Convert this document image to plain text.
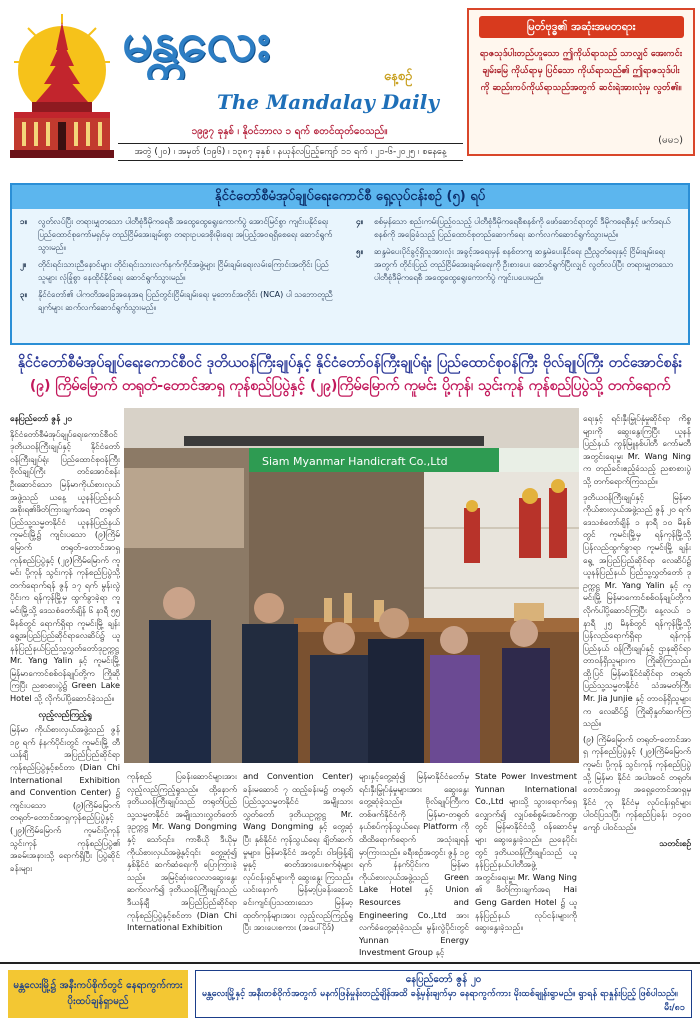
မန္တလေး
နေ့စဉ်
The Mandalay Daily
၁၉၉၇ ခုနှစ် ၊ နိုဝင်ဘာလ ၁ ရက် စတင်ထုတ်ဝေသည်။
မြတ်ဗုဒ္ဓ၏ အဆုံးအမတရား
ရာဇသုဒ်ပါးတည်ဟူသော ဤကိုယ်ရာသည် သာလျှင် အေးကင်းချမ်းမြေ ကိုယ်ရာမှ ပြင်သော ကိုယ်ရာသည်၏ ဤရာဇသုဒ်ပါးကို ဆည်းကပ်ကိုယ်ရာသည်အတွက် ဆင်းရဲအားလုံးမှ လွတ်၏။
(မမ၁)
အတွဲ (၂၀) ၊ အမှတ် (၁၉၆) ၊ ၁၃၈၇ ခုနှစ် ၊ နယုန်လပြည့်ကျော် ၁၁ ရက် ၊ ၂၁-၆-၂၀၂၅ ၊ စနေနေ့
နိုင်ငံတော်စီမံအုပ်ချုပ်ရေးကောင်စီ ရှေ့လုပ်ငန်းစဉ် (၅) ရပ်
၁။	လွတ်လပ်ပြီး တရားမျှတသော ပါတီစုံဒီမိုကရေစီ အထွေထွေရွေးကောက်ပွဲ အောင်မြင်စွာ ကျင်းပနိုင်ရေး ပြည်ထောင်စုကော်မရှင်မှ တည်ငြိမ်အေးချမ်းစွာ တရားဥပဒေစိုးမိုးရေး အပြည့်အဝရရှိစေရေး ဆောင်ရွက်သွားမည်။
၂။	တိုင်းရင်းသားညီနောင်များ တိုင်းရင်းသားလက်နက်ကိုင်အဖွဲ့များ ငြိမ်းချမ်းရေးလမ်းကြောင်းအတိုင်း ပြည်သူများ လုံခြုံစွာ နေထိုင်နိုင်ရေး ဆောင်ရွက်သွားမည်။
၃။	နိုင်ငံတော်၏ ပါကတိအခြေအနေအရ ပြည်တွင်းငြိမ်းချမ်းရေး မူဘောင်အတိုင်း (NCA) ပါ သဘောတူညီချက်များ ဆက်လက်ဆောင်ရွက်သွားမည်။
၄။	စစ်မှန်သော စည်းကမ်းပြည့်ဝသည့် ပါတီစုံဒီမိုကရေစီစနစ်ကို ဖော်ဆောင်ရာတွင် ဒီမိုကရေစီနှင့် ဖက်ဒရယ်စနစ်ကို အခြေခံသည့် ပြည်ထောင်စုတည်ဆောက်ရေး ဆက်လက်ဆောင်ရွက်သွားမည်။
၅။	ဆန္ဒမဲပေးပိုင်ခွင့်ရှိသူအားလုံး အခွင့်အရေးမှန် စနစ်တကျ ဆန္ဒမဲပေးနိုင်ရေး ညီညွတ်ရေးနှင့် ငြိမ်းချမ်းရေးအတွက် တိုင်းပြည် တည်ငြိမ်အေးချမ်းရေးကို ဦးစားပေး ဆောင်ရွက်ပြီးလျှင် လွတ်လပ်ပြီး တရားမျှတသော ပါတီစုံဒီမိုကရေစီ အထွေထွေရွေးကောက်ပွဲ ကျင်းပပေးမည်။
နိုင်ငံတော်စီမံအုပ်ချုပ်ရေးကောင်စီဝင် ဒုတိယဝန်ကြီးချုပ်နှင့် နိုင်ငံတော်ဝန်ကြီးချုပ်ရုံး ပြည်ထောင်စုဝန်ကြီး ဗိုလ်ချုပ်ကြီး တင်အောင်စန်း
(၉) ကြိမ်မြောက် တရုတ်-တောင်အာရှ ကုန်စည်ပြပွဲနှင့် (၂၉)ကြိမ်မြောက် ကူမင်း ပို့ကုန်၊ သွင်းကုန် ကုန်စည်ပြပွဲသို့ တက်ရောက်

နေပြည်တော် ဇွန် ၂၀

နိုင်ငံတော်စီမံအုပ်ချုပ်ရေးကောင်စီဝင် ဒုတိယဝန်ကြီးချုပ်နှင့် နိုင်ငံတော်ဝန်ကြီးချုပ်ရုံး ပြည်ထောင်စုဝန်ကြီး ဗိုလ်ချုပ်ကြီး တင်အောင်စန်း ဦးဆောင်သော မြန်မာကိုယ်စားလှယ်အဖွဲ့သည် ယနေ့ ယူနန်ပြည်နယ်အစိုးရ၏ဖိတ်ကြားချက်အရ တရုတ်ပြည်သူ့သမ္မတနိုင်ငံ ယူနန်ပြည်နယ် ကူမင်းမြို့၌ ကျင်းပသော (၉)ကြိမ်မြောက် တရုတ်-တောင်အာရှကုန်စည်ပြပွဲနှင့် (၂၉)ကြိမ်မြောက် ကူမင်း ပို့ကုန် သွင်းကုန် ကုန်စည်ပြပွဲသို့ တက်ရောက်ရန် ဇွန် ၁၇ ရက် မွန်းလွဲပိုင်းက ရန်ကုန်မြို့မှ ထွက်ခွာခဲ့ရာ ကူမင်းမြို့သို့ ဒေသစံတော်ချိန် ၆ နာရီ ၅၅ မိနစ်တွင် ရောက်ရှိရာ ကူမင်းမြို့ ချန်းရွေ့အပြည်ပြည်ဆိုင်ရာလေဆိပ်၌ ယူနန်ပြည်နယ်ပြည်သူ့လွှတ်တော်ဒုဥက္ကဋ္ဌ Mr. Yang Yalin နှင့် ကူမင်းမြို့ မြန်မာကောင်စစ်ဝန်ချုပ်တို့က ကြိုဆိုကြပြီး ညစာစားပွဲ၌ Green Lake Hotel သို့ လိုက်ပါပို့ဆောင်ခဲ့သည်။

လှည့်လည်ကြည့်ရှု

မြန်မာ ကိုယ်စားလှယ်အဖွဲ့သည် ဇွန် ၁၉ ရက် နံနက်ပိုင်းတွင် ကူမင်းမြို့ တီယန်ချီ အပြည်ပြည်ဆိုင်ရာကုန်စည်ပြပွဲနှင့်စင်တာ (Dian Chi International Exhibition and Convention Center) ၌ ကျင်းပသော (၉)ကြိမ်မြောက် တရုတ်-တောင်အာရှကုန်စည်ပြပွဲနှင့် (၂၉)ကြိမ်မြောက် ကူမင်းပို့ကုန် သွင်းကုန် ကုန်စည်ပြပွဲ၏ အခမ်းအနားသို့ ရောက်ရှိပြီး ပြပွဲဆိုင်ခန်းများ

Siam Myanmar Handicraft Co.,Ltd

ကုန်စည် ပြခန်းဆောင်များအား လှည့်လည်ကြည့်ရှုသည်။ ထို့နောက် ဒုတိယဝန်ကြီးချုပ်သည် တရုတ်ပြည်သူ့သမ္မတနိုင်ငံ အမျိုးသားလွှတ်တော် ဒုဥက္ကဋ္ဌ Mr. Wang Dongming နှင့် သော်၎င်း၊ ကာစီယို ဒီယိုမှ ကိုယ်စားလှယ်အဖွဲ့နှင့်၎င်း တွေ့ဆုံ၍ နှစ်နိုင်ငံ ဆက်ဆံရေးကို ပြောကြားခဲ့သည်။ အမြင့်ဆုံးလေလာဆွေးနွေး ဆက်လက်၍ ဒုတိယဝန်ကြီးချုပ်သည် ဒီယန်ချီ အပြည်ပြည်ဆိုင်ရာကုန်စည်ပြပွဲနှင့်စင်တာ (Dian Chi International Exhibition

and Convention Center) ခန်းမဆောင် ၇ ထည့်ခန်းမ၌ တရုတ်ပြည်သူ့သမ္မတနိုင်ငံ အမျိုးသားလွှတ်တော် ဒုတိယဥက္ကဋ္ဌ Mr. Wang Dongming နှင့် တွေ့ဆုံပြီး နှစ်နိုင်ငံ ကုန်သွယ်ရေး ချိတ်ဆက်မှုများ၊ မြန်မာနိုင်ငံ အတွင်း ဝါဒဖြန့်ချိမှုနှင့် ဓာတ်အားပေးစက်ရုံများ လုပ်ငန်းရှင်များကို ဆွေးနွေး ကြသည်။ ယင်းနောက် မြန်မာ့ပြခန်းဆောင် ခင်းကျင်းပြသထားသော မြန်မာ့ထုတ်ကုန်များအား လှည့်လည်ကြည့်ရှုပြီး အားပေးစကား (အပေါ်ပိုဒ်)

များနှင့်တွေ့ဆုံ၍ မြန်မာနိုင်ငံတော်မှ ရင်းနှီးမြှုပ်နှံမှုများအား ဆွေးနွေးတွေ့ဆုံခဲ့သည်။ ဗိုလ်ချုပ်ကြီးက တစ်ဖက်နိုင်ငံကို မြန်မာ-တရုတ် နယ်စပ်ကုန်သွယ်ရေး Platform ကို ထိထိရောက်ရောက် အသုံးချရန် မှာကြားသည်။ ခရီးစဉ်အတွင်း ဇွန် ၁၉ ရက် နံနက်ပိုင်းက မြန်မာကိုယ်စားလှယ်အဖွဲ့သည် Green Lake Hotel နှင့် Union Resources and Engineering Co.,Ltd အား လက်ခံတွေ့ဆုံခဲ့သည်။ မွန်းလွဲပိုင်းတွင် Yunnan Energy Investment Group နှင့်

State Power Investment Yunnan International Co.,Ltd များသို့ သွားရောက်ရှေ့လျှောက်၍ လျှပ်စစ်စွမ်းအင်ကဏ္ဍတွင် မြန်မာနိုင်ငံသို့ ဝန်ဆောင်မှုများ ဆွေးနွေးခဲ့သည်။ ညနေပိုင်းတွင် ဒုတိယဝန်ကြီးချုပ်သည် ယူနန်ပြည်နယ်ပါတီအဖွဲ့ အတွင်းရေးမှူး Mr. Wang Ning ၏ ဖိတ်ကြားချက်အရ Hai Geng Garden Hotel ၌ ယူနန်ပြည်နယ် လုပ်ငန်းများကို ဆွေးနွေးခဲ့သည်။

ရေးနှင့် ရင်းနှီးမြှုပ်နှံမှုဆိုင်ရာ ကိစ္စများကို ဆွေးနွေးကြပြီး ယူနန်ပြည်နယ် ကွန်မြူနစ်ပါတီ ကော်မတီအတွင်းရေးမှူး Mr. Wang Ning က တည်ခင်းဧည့်ခံသည့် ညစာစားပွဲသို့ တက်ရောက်ကြသည်။

ဒုတိယဝန်ကြီးချုပ်နှင့် မြန်မာကိုယ်စားလှယ်အဖွဲ့သည် ဇွန် ၂၀ ရက် ဒေသစံတော်ချိန် ၁ နာရီ ၁၀ မိနစ်တွင် ကူမင်းမြို့မှ ရန်ကုန်မြို့သို့ ပြန်လည်ထွက်ခွာရာ ကူမင်းမြို့ ချန်းရွေ့ အပြည်ပြည်ဆိုင်ရာ လေဆိပ်၌ ယူနန်ပြည်နယ် ပြည်သူ့လွှတ်တော် ဒုဥက္ကဋ္ဌ Mr. Yang Yalin နှင့် ကူမင်းမြို့ မြန်မာကောင်စစ်ဝန်ချုပ်တို့က လိုက်ပါပို့ဆောင်ကြပြီး နေ့လယ် ၁ နာရီ ၂၅ မိနစ်တွင် ရန်ကုန်မြို့သို့ ပြန်လည်ရောက်ရှိရာ ရန်ကုန်ပြည်နယ် ဝန်ကြီးချုပ်နှင့် ဌာနဆိုင်ရာ တာဝန်ရှိသူများက ကြိုဆိုကြသည်။ ထို့ပြင် မြန်မာနိုင်ငံဆိုင်ရာ တရုတ်ပြည်သူ့သမ္မတနိုင်ငံ သံအမတ်ကြီး Mr. Jia Junjie နှင့် တာဝန်ရှိသူများက လေဆိပ်၌ ကြိုဆိုနှုတ်ဆက်ကြသည်။

(၉) ကြိမ်မြောက် တရုတ်-တောင်အာရှ ကုန်စည်ပြပွဲနှင့် (၂၉)ကြိမ်မြောက် ကူမင်း ပို့ကုန် သွင်းကုန် ကုန်စည်ပြပွဲသို့ မြန်မာ နိုင်ငံ အပါအဝင် တရုတ်၊ တောင်အာရှ၊ အရှေ့တောင်အာရှမှ နိုင်ငံ ၇၃ နိုင်ငံမှ လုပ်ငန်းရှင်များ ပါဝင်ပြသပြီး ကုန်စည်ပြခန်း ၁၄၀၀ ကျော် ပါဝင်သည်။

သတင်းစဉ်

မန္တလေးမြို့၌ အနီးကပ်စိုက်တွင် နေရာကွက်ကား ပိုးထပ်ချန်ရှာမည်
နေပြည်တော် ဇွန် ၂၀
မန္တလေးမြို့နှင့် အနီးတစ်ဝိုက်အတွက် မနက်ဖြန်မှုန်းတည့်ချိန်အထိ ခန့်မှန်းချက်မှာ နေရာကွက်ကား မိုးထစ်ချုန်းရွာမည်။ ရွာရန် ရာနှုန်းပြည့် ဖြစ်ပါသည်။
မီး/၈၁
